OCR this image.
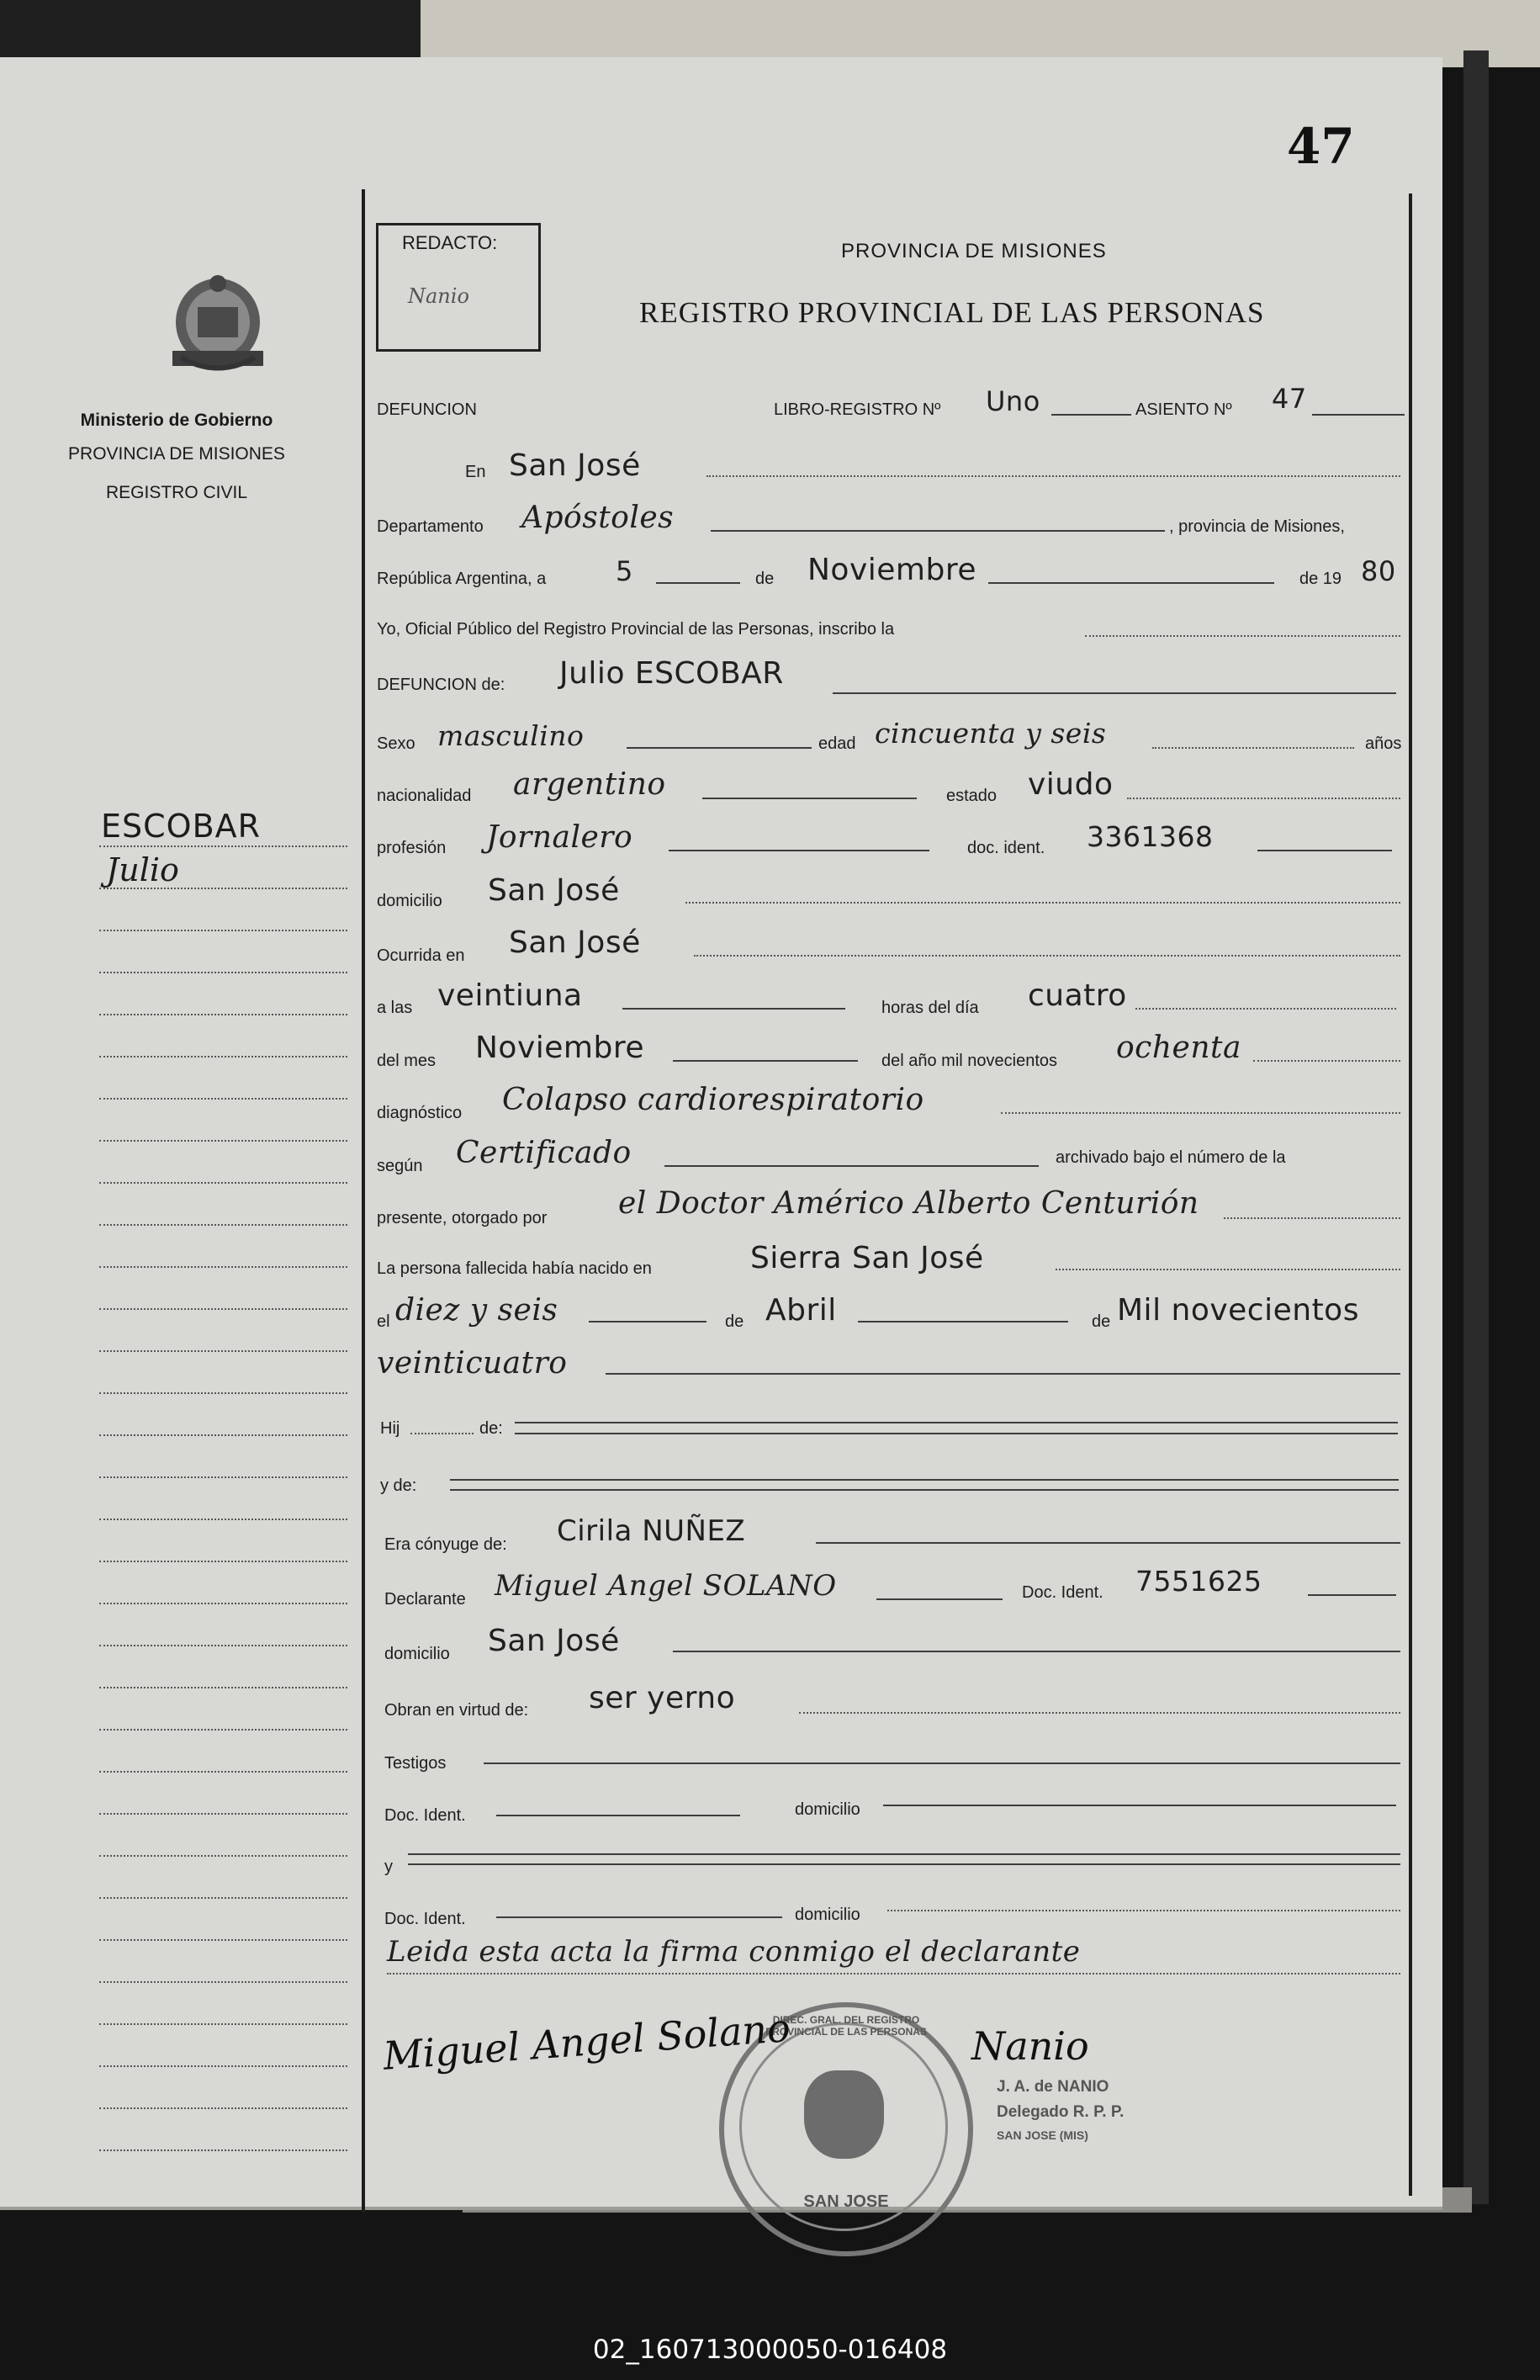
47
REDACTO:
Nanio
PROVINCIA DE MISIONES
REGISTRO PROVINCIAL DE LAS PERSONAS
Ministerio de Gobierno
PROVINCIA DE MISIONES
REGISTRO CIVIL
ESCOBAR
Julio
DEFUNCION	LIBRO-REGISTRO Nº Uno	ASIENTO Nº 47
En San José
Departamento Apóstoles	, provincia de Misiones,
República Argentina, a	5	de Noviembre	de 19 80
Yo, Oficial Público del Registro Provincial de las Personas, inscribo la
DEFUNCION de: Julio ESCOBAR
Sexo masculino	edad cincuenta y seis	años
nacionalidad argentino	estado viudo
profesión Jornalero	doc. ident. 3361368
domicilio San José
Ocurrida en San José
a las veintiuna	horas del día cuatro
del mes Noviembre	del año mil novecientos ochenta
diagnóstico Colapso cardiorespiratorio
según Certificado	archivado bajo el número de la
presente, otorgado por el Doctor Américo Alberto Centurión
La persona fallecida había nacido en	Sierra San José
el diez y seis	de Abril	de Mil novecientos
veinticuatro
Hij	de:
y de:
Era cónyuge de: Cirila NUÑEZ
Declarante Miguel Angel SOLANO	Doc. Ident. 7551625
domicilio San José
Obran en virtud de: ser yerno
Testigos
Doc. Ident.	domicilio
y
Doc. Ident.	domicilio
Leida esta acta la firma conmigo el declarante
DIREC. GRAL. DEL REGISTRO PROVINCIAL DE LAS PERSONAS
SAN JOSE
Miguel Angel Solano	Nanio
J. A. de NANIO
Delegado R. P. P.
SAN JOSE (MIS)
02_160713000050-016408
